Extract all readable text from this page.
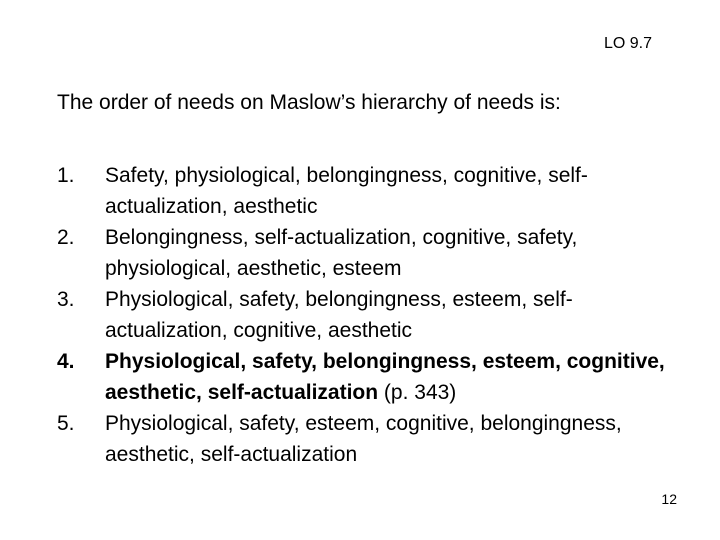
LO 9.7
The order of needs on Maslow’s hierarchy of needs is:
1. Safety, physiological, belongingness, cognitive, self-actualization, aesthetic
2. Belongingness, self-actualization, cognitive, safety, physiological, aesthetic, esteem
3. Physiological, safety, belongingness, esteem, self-actualization, cognitive, aesthetic
4. Physiological, safety, belongingness, esteem, cognitive, aesthetic, self-actualization (p. 343)
5. Physiological, safety, esteem, cognitive, belongingness, aesthetic, self-actualization
12
